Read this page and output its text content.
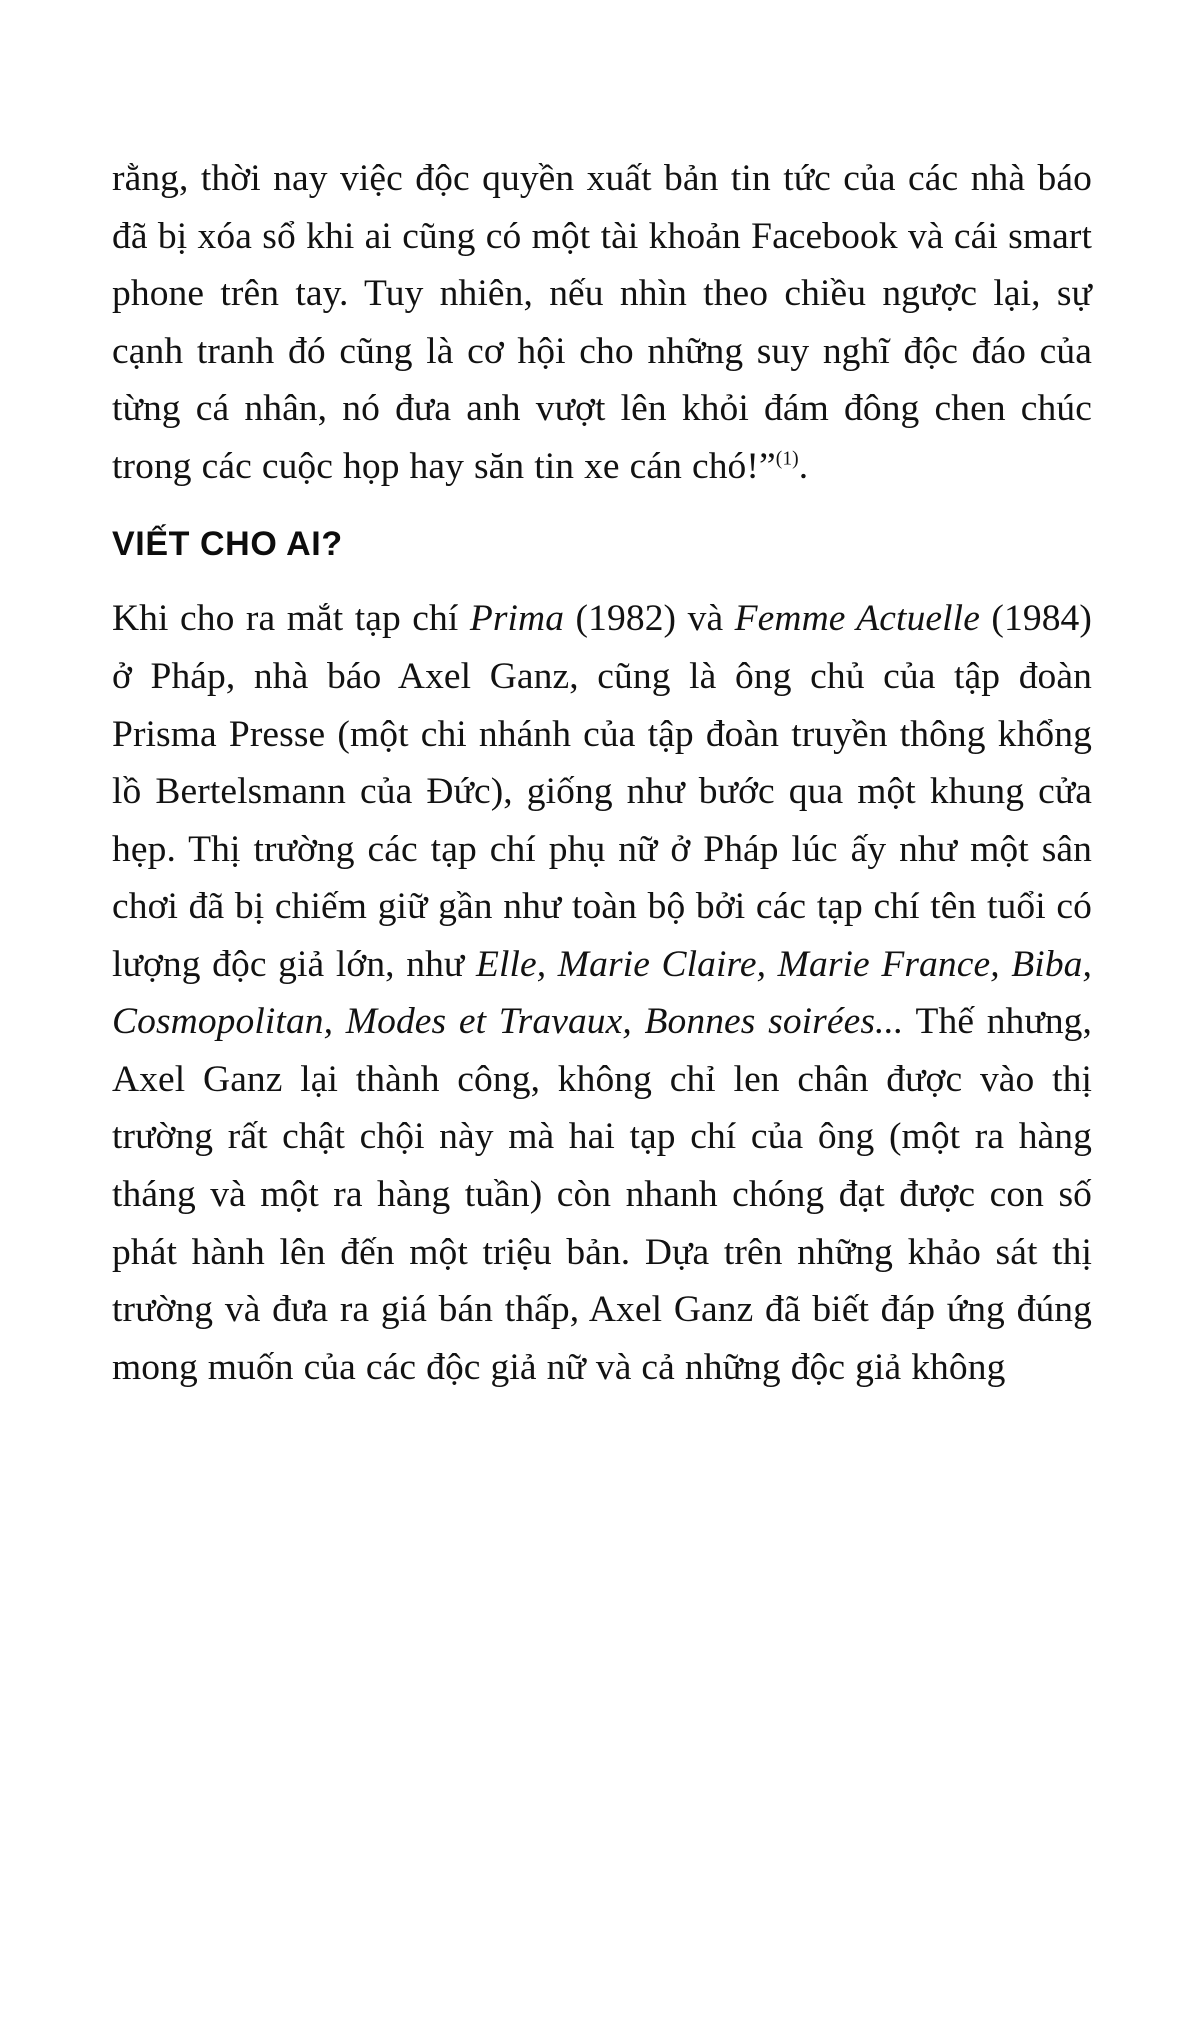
rằng, thời nay việc độc quyền xuất bản tin tức của các nhà báo đã bị xóa sổ khi ai cũng có một tài khoản Facebook và cái smart phone trên tay. Tuy nhiên, nếu nhìn theo chiều ngược lại, sự cạnh tranh đó cũng là cơ hội cho những suy nghĩ độc đáo của từng cá nhân, nó đưa anh vượt lên khỏi đám đông chen chúc trong các cuộc họp hay săn tin xe cán chó!”$^{(1)}$.

VIẾT CHO AI?

Khi cho ra mắt tạp chí Prima (1982) và Femme Actuelle (1984) ở Pháp, nhà báo Axel Ganz, cũng là ông chủ của tập đoàn Prisma Presse (một chi nhánh của tập đoàn truyền thông khổng lồ Bertelsmann của Đức), giống như bước qua một khung cửa hẹp. Thị trường các tạp chí phụ nữ ở Pháp lúc ấy như một sân chơi đã bị chiếm giữ gần như toàn bộ bởi các tạp chí tên tuổi có lượng độc giả lớn, như Elle, Marie Claire, Marie France, Biba, Cosmopolitan, Modes et Travaux, Bonnes soirées... Thế nhưng, Axel Ganz lại thành công, không chỉ len chân được vào thị trường rất chật chội này mà hai tạp chí của ông (một ra hàng tháng và một ra hàng tuần) còn nhanh chóng đạt được con số phát hành lên đến một triệu bản. Dựa trên những khảo sát thị trường và đưa ra giá bán thấp, Axel Ganz đã biết đáp ứng đúng mong muốn của các độc giả nữ và cả những độc giả không
